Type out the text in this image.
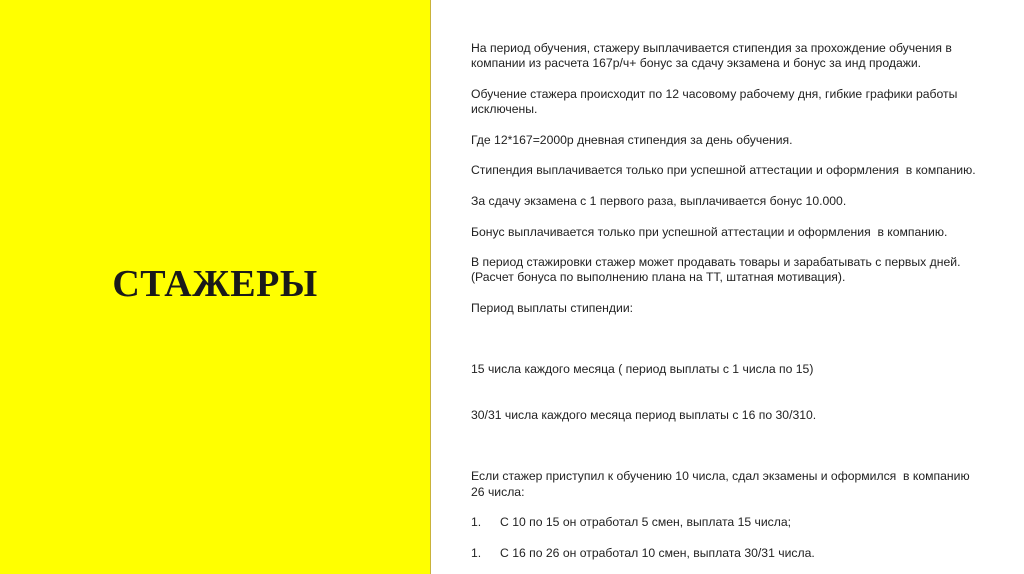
СТАЖЕРЫ

На период обучения, стажеру выплачивается стипендия за прохождение обучения в компании из расчета 167р/ч+ бонус за сдачу экзамена и бонус за инд продажи.

Обучение стажера происходит по 12 часовому рабочему дня, гибкие графики работы исключены.

Где 12*167=2000р дневная стипендия за день обучения.

Стипендия выплачивается только при успешной аттестации и оформления  в компанию.

За сдачу экзамена с 1 первого раза, выплачивается бонус 10.000.

Бонус выплачивается только при успешной аттестации и оформления  в компанию.

В период стажировки стажер может продавать товары и зарабатывать с первых дней. (Расчет бонуса по выполнению плана на ТТ, штатная мотивация).

Период выплаты стипендии:

15 числа каждого месяца ( период выплаты с 1 числа по 15)

30/31 числа каждого месяца период выплаты с 16 по 30/310.

Если стажер приступил к обучению 10 числа, сдал экзамены и оформился  в компанию 26 числа:

1.	С 10 по 15 он отработал 5 смен, выплата 15 числа;
1.	С 16 по 26 он отработал 10 смен, выплата 30/31 числа.
